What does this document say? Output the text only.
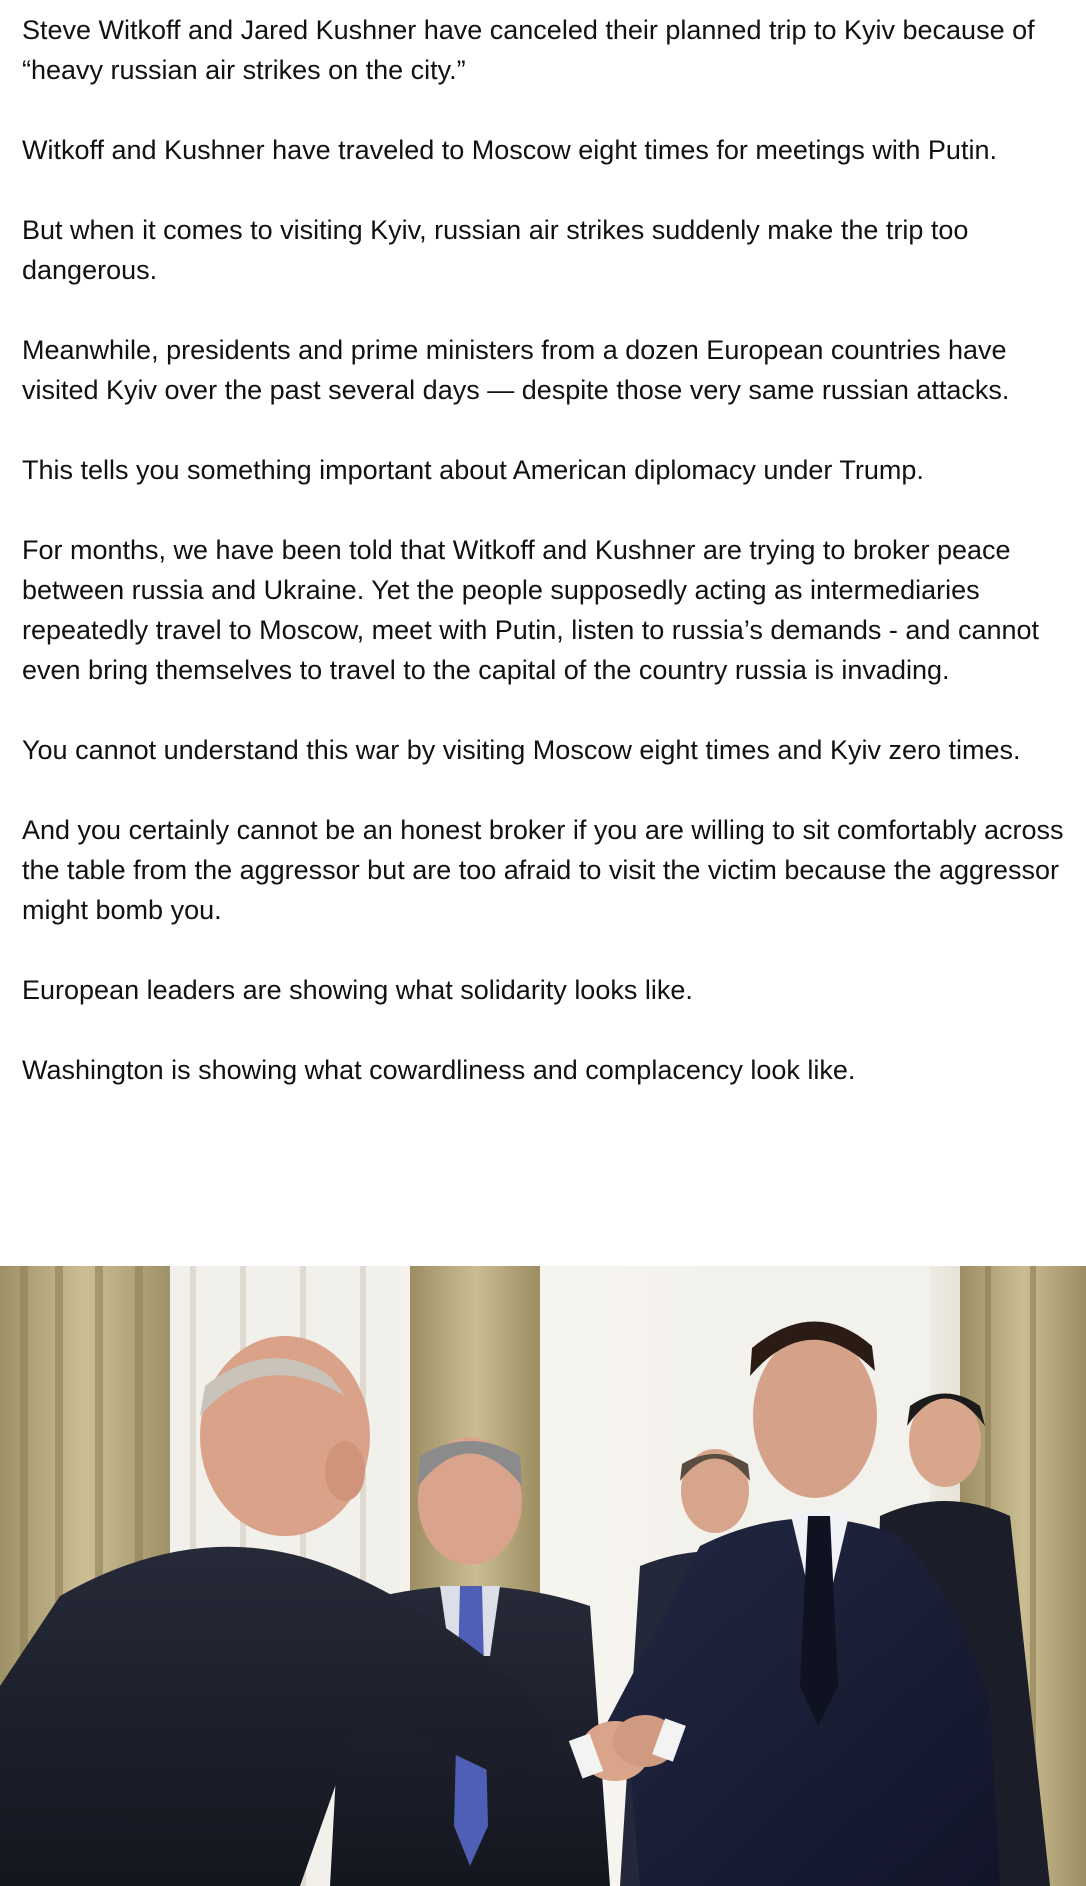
Steve Witkoff and Jared Kushner have canceled their planned trip to Kyiv because of “heavy russian air strikes on the city.”

Witkoff and Kushner have traveled to Moscow eight times for meetings with Putin.

But when it comes to visiting Kyiv, russian air strikes suddenly make the trip too dangerous.

Meanwhile, presidents and prime ministers from a dozen European countries have visited Kyiv over the past several days — despite those very same russian attacks.

This tells you something important about American diplomacy under Trump.

For months, we have been told that Witkoff and Kushner are trying to broker peace between russia and Ukraine. Yet the people supposedly acting as intermediaries repeatedly travel to Moscow, meet with Putin, listen to russia’s demands - and cannot even bring themselves to travel to the capital of the country russia is invading.

You cannot understand this war by visiting Moscow eight times and Kyiv zero times.

And you certainly cannot be an honest broker if you are willing to sit comfortably across the table from the aggressor but are too afraid to visit the victim because the aggressor might bomb you.

European leaders are showing what solidarity looks like.

Washington is showing what cowardliness and complacency look like.
